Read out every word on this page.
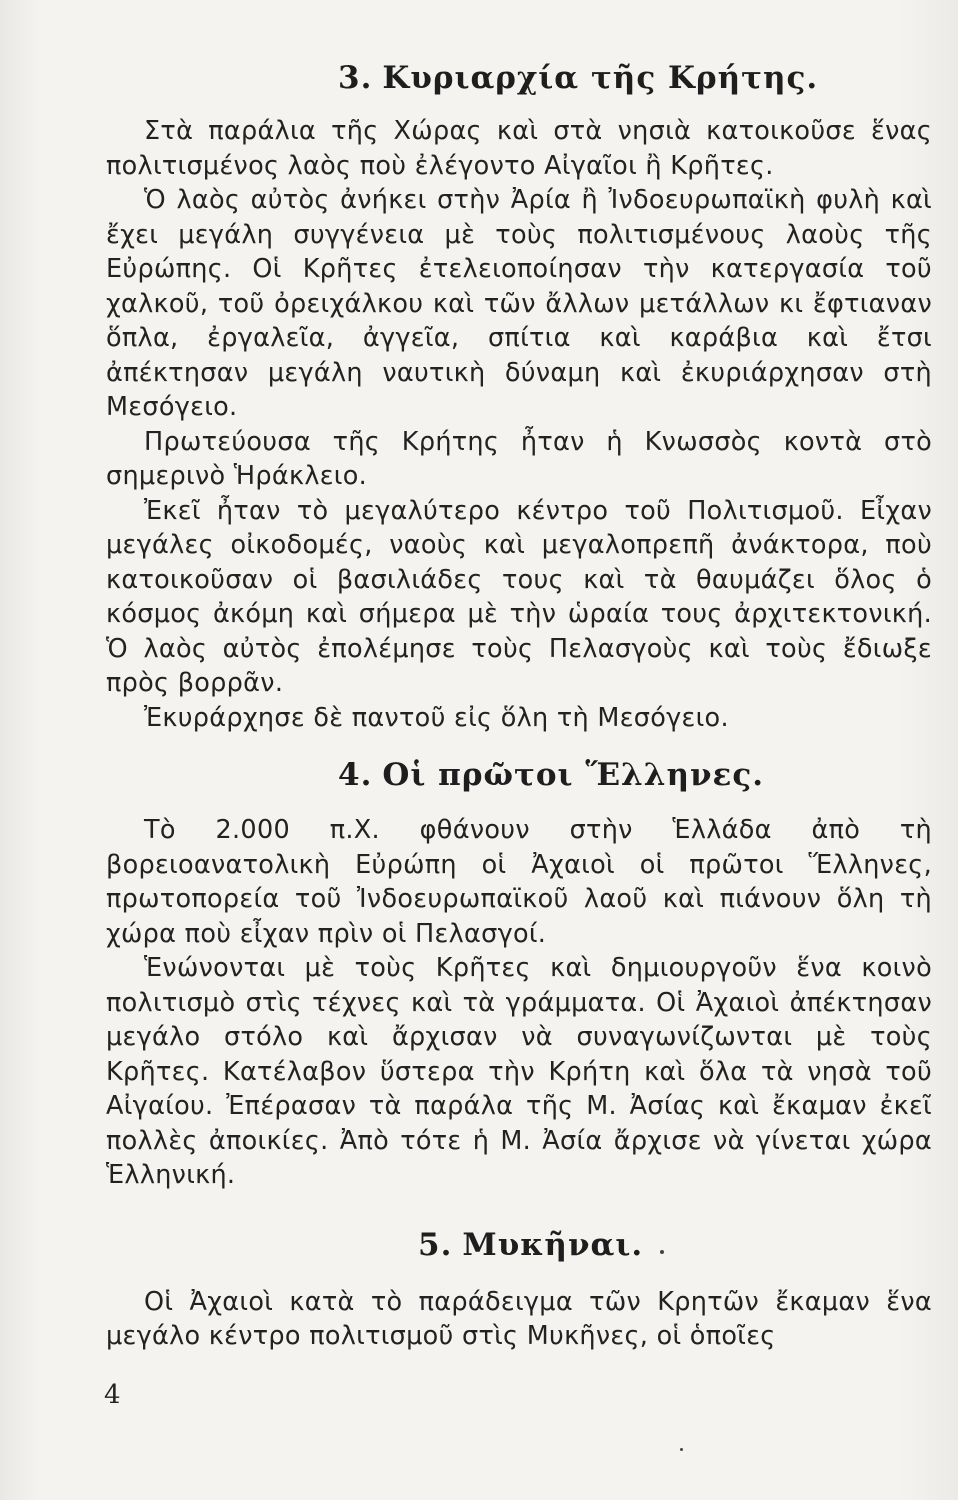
3. Κυριαρχία τῆς Κρήτης.

Στὰ παράλια τῆς Χώρας καὶ στὰ νησιὰ κατοικοῦσε ἕνας πολιτισμένος λαὸς ποὺ ἐλέγοντο Αἰγαῖοι ἢ Κρῆτες.

Ὁ λαὸς αὐτὸς ἀνήκει στὴν Ἀρία ἢ Ἰνδοευρωπαϊκὴ φυλὴ καὶ ἔχει μεγάλη συγγένεια μὲ τοὺς πολιτισμένους λαοὺς τῆς Εὐρώπης. Οἱ Κρῆτες ἐτελειοποίησαν τὴν κατεργασία τοῦ χαλκοῦ, τοῦ ὀρειχάλκου καὶ τῶν ἄλλων μετάλλων κι ἔφτιαναν ὅπλα, ἐργαλεῖα, ἀγγεῖα, σπίτια καὶ καράβια καὶ ἔτσι ἀπέκτησαν μεγάλη ναυτικὴ δύναμη καὶ ἐκυριάρχησαν στὴ Μεσόγειο.

Πρωτεύουσα τῆς Κρήτης ἦταν ἡ Κνωσσὸς κοντὰ στὸ σημερινὸ Ἡράκλειο.

Ἐκεῖ ἦταν τὸ μεγαλύτερο κέντρο τοῦ Πολιτισμοῦ. Εἶχαν μεγάλες οἰκοδομές, ναοὺς καὶ μεγαλοπρεπῆ ἀνάκτορα, ποὺ κατοικοῦσαν οἱ βασιλιάδες τους καὶ τὰ θαυμάζει ὅλος ὁ κόσμος ἀκόμη καὶ σήμερα μὲ τὴν ὡραία τους ἀρχιτεκτονική. Ὁ λαὸς αὐτὸς ἐπολέμησε τοὺς Πελασγοὺς καὶ τοὺς ἔδιωξε πρὸς βορρᾶν.

Ἐκυράρχησε δὲ παντοῦ εἰς ὅλη τὴ Μεσόγειο.

4. Οἱ πρῶτοι Ἕλληνες.

Τὸ 2.000 π.Χ. φθάνουν στὴν Ἑλλάδα ἀπὸ τὴ βορειοανατολικὴ Εὐρώπη οἱ Ἀχαιοὶ οἱ πρῶτοι Ἕλληνες, πρωτοπορεία τοῦ Ἰνδοευρωπαϊκοῦ λαοῦ καὶ πιάνουν ὅλη τὴ χώρα ποὺ εἶχαν πρὶν οἱ Πελασγοί.

Ἑνώνονται μὲ τοὺς Κρῆτες καὶ δημιουργοῦν ἕνα κοινὸ πολιτισμὸ στὶς τέχνες καὶ τὰ γράμματα. Οἱ Ἀχαιοὶ ἀπέκτησαν μεγάλο στόλο καὶ ἄρχισαν νὰ συναγωνίζωνται μὲ τοὺς Κρῆτες. Κατέλαβον ὕστερα τὴν Κρήτη καὶ ὅλα τὰ νησὰ τοῦ Αἰγαίου. Ἐπέρασαν τὰ παράλα τῆς Μ. Ἀσίας καὶ ἔκαμαν ἐκεῖ πολλὲς ἀποικίες. Ἀπὸ τότε ἡ Μ. Ἀσία ἄρχισε νὰ γίνεται χώρα Ἑλληνική.

5. Μυκῆναι.

Οἱ Ἀχαιοὶ κατὰ τὸ παράδειγμα τῶν Κρητῶν ἔκαμαν ἕνα μεγάλο κέντρο πολιτισμοῦ στὶς Μυκῆνες, οἱ ὁποῖες

4
